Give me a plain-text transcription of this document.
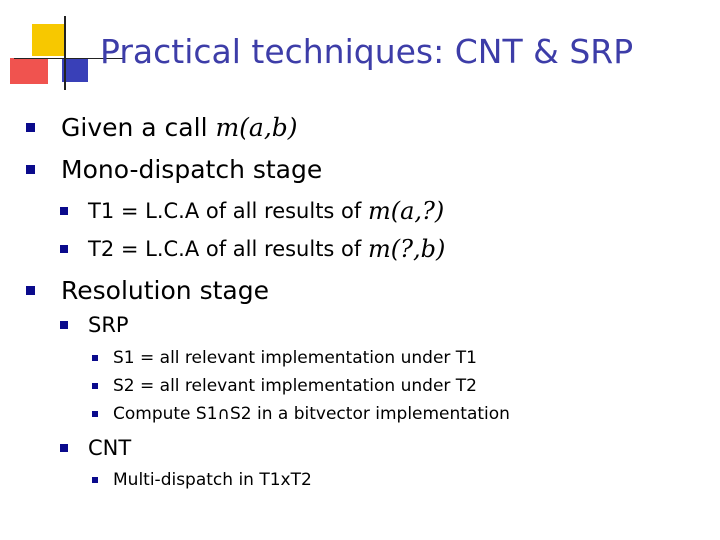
Practical techniques: CNT & SRP
Given a call m(a,b)
Mono-dispatch stage
T1 = L.C.A of all results of m(a,?)
T2 = L.C.A of all results of m(?,b)
Resolution stage
SRP
S1 = all relevant implementation under T1
S2 = all relevant implementation under T2
Compute S1 ∩ S2 in a bitvector implementation
CNT
Multi-dispatch in T1xT2
